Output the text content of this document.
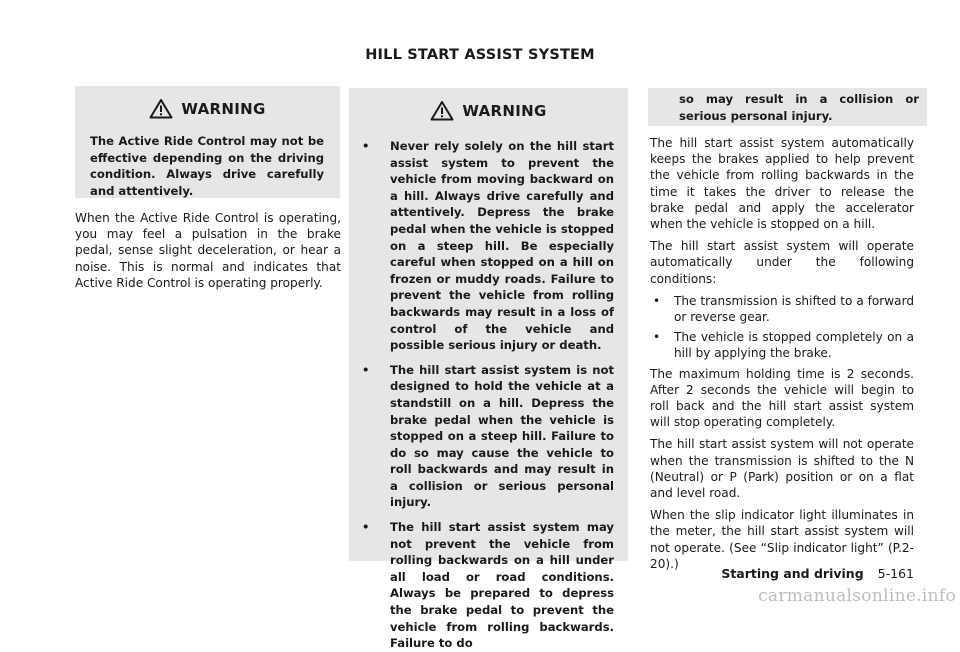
HILL START ASSIST SYSTEM
WARNING

The Active Ride Control may not be effective depending on the driving condition. Always drive carefully and attentively.

When the Active Ride Control is operating, you may feel a pulsation in the brake pedal, sense slight deceleration, or hear a noise. This is normal and indicates that Active Ride Control is operating properly.

WARNING
• Never rely solely on the hill start assist system to prevent the vehicle from moving backward on a hill. Always drive carefully and attentively. Depress the brake pedal when the vehicle is stopped on a steep hill. Be especially careful when stopped on a hill on frozen or muddy roads. Failure to prevent the vehicle from rolling backwards may result in a loss of control of the vehicle and possible serious injury or death.
• The hill start assist system is not designed to hold the vehicle at a standstill on a hill. Depress the brake pedal when the vehicle is stopped on a steep hill. Failure to do so may cause the vehicle to roll backwards and may result in a collision or serious personal injury.
• The hill start assist system may not prevent the vehicle from rolling backwards on a hill under all load or road conditions. Always be prepared to depress the brake pedal to prevent the vehicle from rolling backwards. Failure to do

so may result in a collision or serious personal injury.

The hill start assist system automatically keeps the brakes applied to help prevent the vehicle from rolling backwards in the time it takes the driver to release the brake pedal and apply the accelerator when the vehicle is stopped on a hill.

The hill start assist system will operate automatically under the following conditions:

• The transmission is shifted to a forward or reverse gear.
• The vehicle is stopped completely on a hill by applying the brake.

The maximum holding time is 2 seconds. After 2 seconds the vehicle will begin to roll back and the hill start assist system will stop operating completely.

The hill start assist system will not operate when the transmission is shifted to the N (Neutral) or P (Park) position or on a flat and level road.

When the slip indicator light illuminates in the meter, the hill start assist system will not operate. (See “Slip indicator light” (P.2-20).)

Starting and driving 5-161
carmanualsonline.info
